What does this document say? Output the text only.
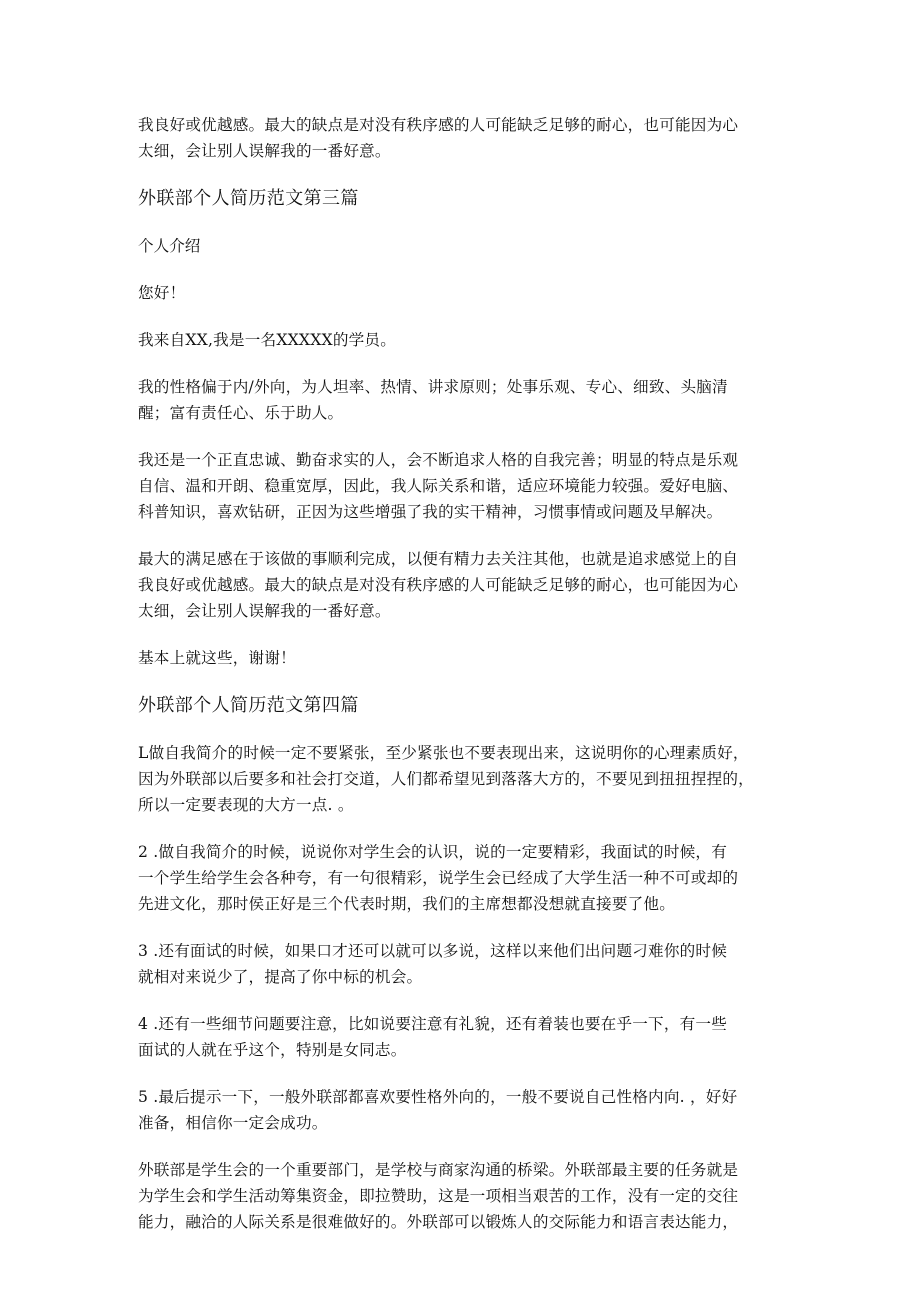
我良好或优越感。最大的缺点是对没有秩序感的人可能缺乏足够的耐心，也可能因为心
太细，会让别人误解我的一番好意。
外联部个人简历范文第三篇
个人介绍
您好！
我来自XX,我是一名XXXXX的学员。
我的性格偏于内/外向，为人坦率、热情、讲求原则；处事乐观、专心、细致、头脑清
醒；富有责任心、乐于助人。
我还是一个正直忠诚、勤奋求实的人，会不断追求人格的自我完善；明显的特点是乐观
自信、温和开朗、稳重宽厚，因此，我人际关系和谐，适应环境能力较强。爱好电脑、
科普知识，喜欢钻研，正因为这些增强了我的实干精神，习惯事情或问题及早解决。
最大的满足感在于该做的事顺利完成，以便有精力去关注其他，也就是追求感觉上的自
我良好或优越感。最大的缺点是对没有秩序感的人可能缺乏足够的耐心，也可能因为心
太细，会让别人误解我的一番好意。
基本上就这些，谢谢！
外联部个人简历范文第四篇
L做自我简介的时候一定不要紧张，至少紧张也不要表现出来，这说明你的心理素质好，
因为外联部以后要多和社会打交道，人们都希望见到落落大方的，不要见到扭扭捏捏的，
所以一定要表现的大方一点. 。
2 .做自我简介的时候，说说你对学生会的认识，说的一定要精彩，我面试的时候，有
一个学生给学生会各种夸，有一句很精彩，说学生会已经成了大学生活一种不可或却的
先进文化，那时侯正好是三个代表时期，我们的主席想都没想就直接要了他。
3 .还有面试的时候，如果口才还可以就可以多说，这样以来他们出问题刁难你的时候
就相对来说少了，提高了你中标的机会。
4 .还有一些细节问题要注意，比如说要注意有礼貌，还有着装也要在乎一下，有一些
面试的人就在乎这个，特别是女同志。
5 .最后提示一下，一般外联部都喜欢要性格外向的，一般不要说自己性格内向. ，好好
准备，相信你一定会成功。
外联部是学生会的一个重要部门，是学校与商家沟通的桥梁。外联部最主要的任务就是
为学生会和学生活动筹集资金，即拉赞助，这是一项相当艰苦的工作，没有一定的交往
能力，融洽的人际关系是很难做好的。外联部可以锻炼人的交际能力和语言表达能力，
